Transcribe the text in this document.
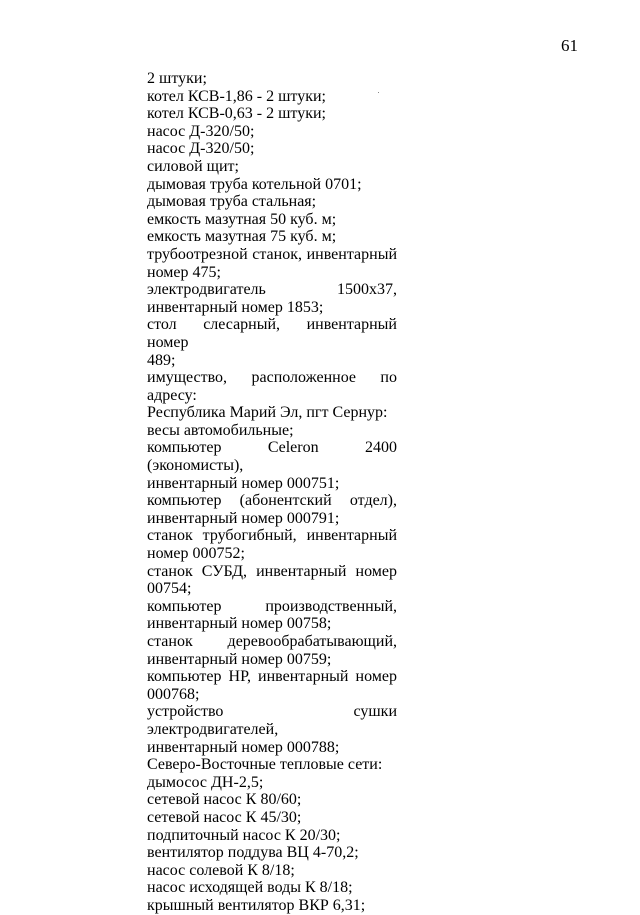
61
2 штуки;
котел КСВ-1,86 - 2 штуки;
котел КСВ-0,63 - 2 штуки;
насос Д-320/50;
насос Д-320/50;
силовой щит;
дымовая труба котельной 0701;
дымовая труба стальная;
емкость мазутная 50 куб. м;
емкость мазутная 75 куб. м;
трубоотрезной станок, инвентарный
номер 475;
электродвигатель 1500х37,
инвентарный номер 1853;
стол слесарный, инвентарный номер
489;
имущество, расположенное по адресу:
Республика Марий Эл, пгт Сернур:
весы автомобильные;
компьютер Celeron 2400 (экономисты),
инвентарный номер 000751;
компьютер (абонентский отдел),
инвентарный номер 000791;
станок трубогибный, инвентарный
номер 000752;
станок СУБД, инвентарный номер
00754;
компьютер производственный,
инвентарный номер 00758;
станок деревообрабатывающий,
инвентарный номер 00759;
компьютер НР, инвентарный номер
000768;
устройство сушки электродвигателей,
инвентарный номер 000788;
Северо-Восточные тепловые сети:
дымосос ДН-2,5;
сетевой насос К 80/60;
сетевой насос К 45/30;
подпиточный насос К 20/30;
вентилятор поддува ВЦ 4-70,2;
насос солевой К 8/18;
насос исходящей воды К 8/18;
крышный вентилятор ВКР 6,31;
